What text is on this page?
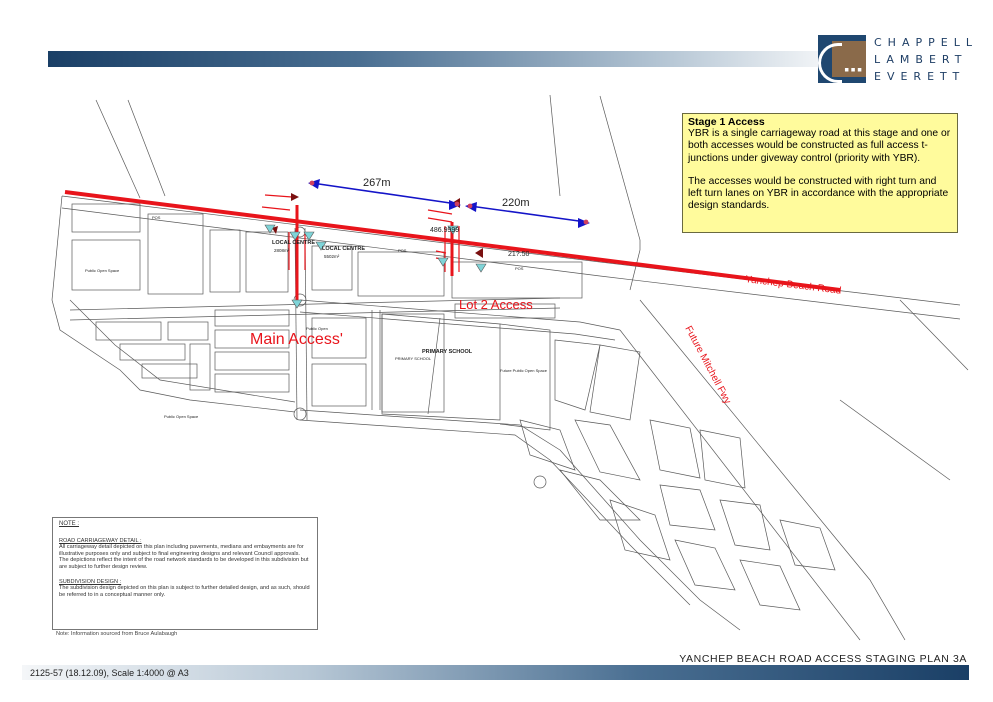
▪▪▪
CHAPPELL
LAMBERT
EVERETT
267m
220m
486.9999
21?.50
Yanchep Beach Road
Future Mitchell Fwy
Main Access'
Lot 2 Access
LOCAL CENTRE
2808m²	LOCAL CENTRE
5502m²
PRIMARY SCHOOL
PRIMARY SCHOOL
Public Open Space
Public Open Space
Public Open
Future Public Open Space
POS
POS
POS

Stage 1 Access

YBR is a single carriageway road at this stage and one or both accesses would be constructed as full access t-junctions under giveway control (priority with YBR).

The accesses would be constructed with right turn and left turn lanes on YBR in accordance with the appropriate design standards.

NOTE :

ROAD CARRIAGEWAY DETAIL :

All carriageway detail depicted on this plan including pavements, medians and embayments are for illustrative purposes only and subject to final engineering designs and relevant Council approvals. The depictions reflect the intent of the road network standards to be developed in this subdivision but are subject to further design review.

SUBDIVISION DESIGN :

The subdivision design depicted on this plan is subject to further detailed design, and as such, should be referred to in a conceptual manner only.

Note: Information sourced from Bruce Aulabaugh
YANCHEP BEACH ROAD ACCESS STAGING PLAN 3A
2125-57 (18.12.09), Scale 1:4000 @ A3
